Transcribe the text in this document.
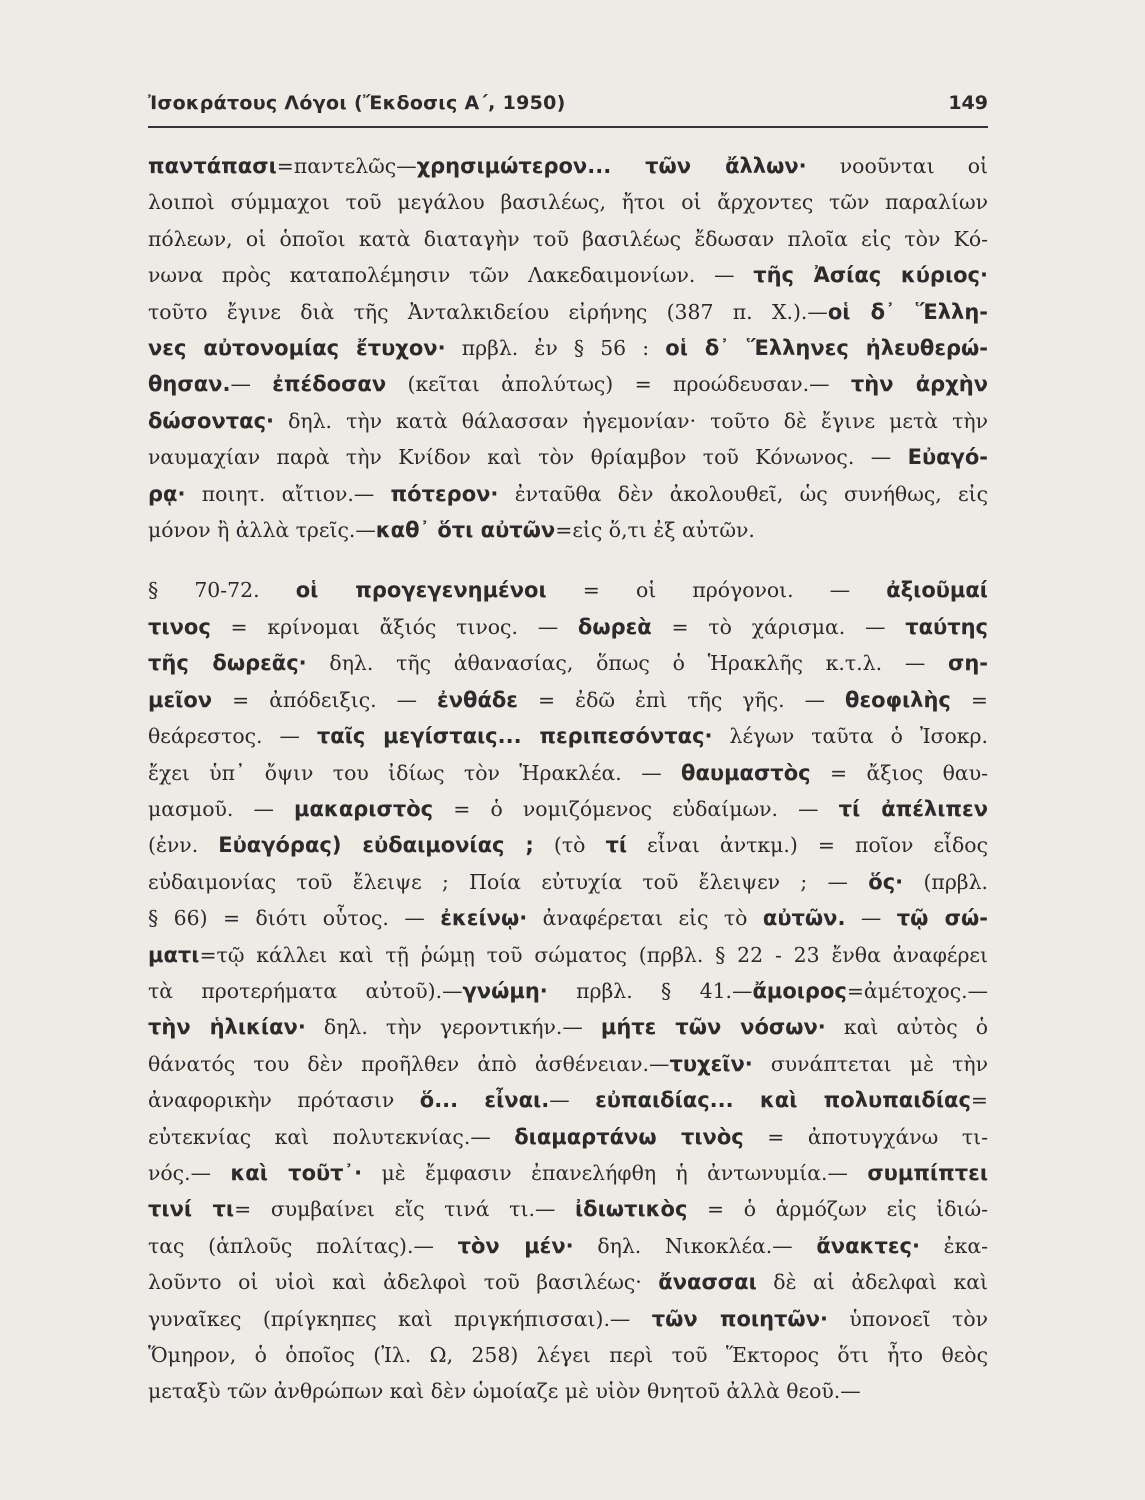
Ἰσοκράτους Λόγοι (Ἔκδοσις Α΄, 1950)	149
παντάπασι=παντελῶς—χρησιμώτερον... τῶν ἄλλων· νοοῦνται οἱ
λοιποὶ σύμμαχοι τοῦ μεγάλου βασιλέως, ἤτοι οἱ ἄρχοντες τῶν παραλίων
πόλεων, οἱ ὁποῖοι κατὰ διαταγὴν τοῦ βασιλέως ἔδωσαν πλοῖα εἰς τὸν Κό-
νωνα πρὸς καταπολέμησιν τῶν Λακεδαιμονίων. — τῆς Ἀσίας κύριος·
τοῦτο ἔγινε διὰ τῆς Ἀνταλκιδείου εἰρήνης (387 π. Χ.).—οἱ δ᾽ Ἕλλη-
νες αὐτονομίας ἔτυχον· πρβλ. ἐν § 56 : οἱ δ᾽ Ἕλληνες ἠλευθερώ-
θησαν.— ἐπέδοσαν (κεῖται ἀπολύτως) = προώδευσαν.— τὴν ἀρχὴν
δώσοντας· δηλ. τὴν κατὰ θάλασσαν ἡγεμονίαν· τοῦτο δὲ ἔγινε μετὰ τὴν
ναυμαχίαν παρὰ τὴν Κνίδον καὶ τὸν θρίαμβον τοῦ Κόνωνος. — Εὐαγό-
ρᾳ· ποιητ. αἴτιον.— πότερον· ἐνταῦθα δὲν ἀκολουθεῖ, ὡς συνήθως, εἰς
μόνον ἢ ἀλλὰ τρεῖς.—καθ᾽ ὅτι αὐτῶν=εἰς ὅ,τι ἐξ αὐτῶν.
§ 70-72. οἱ προγεγενημένοι = οἱ πρόγονοι. — ἀξιοῦμαί
τινος = κρίνομαι ἄξιός τινος. — δωρεὰ = τὸ χάρισμα. — ταύτης
τῆς δωρεᾶς· δηλ. τῆς ἀθανασίας, ὅπως ὁ Ἡρακλῆς κ.τ.λ. — ση-
μεῖον = ἀπόδειξις. — ἐνθάδε = ἐδῶ ἐπὶ τῆς γῆς. — θεοφιλὴς =
θεάρεστος. — ταῖς μεγίσταις... περιπεσόντας· λέγων ταῦτα ὁ Ἰσοκρ.
ἔχει ὑπ᾽ ὄψιν του ἰδίως τὸν Ἡρακλέα. — θαυμαστὸς = ἄξιος θαυ-
μασμοῦ. — μακαριστὸς = ὁ νομιζόμενος εὐδαίμων. — τί ἀπέλιπεν
(ἐνν. Εὐαγόρας) εὐδαιμονίας ; (τὸ τί εἶναι ἀντκμ.) = ποῖον εἶδος
εὐδαιμονίας τοῦ ἔλειψε ; Ποία εὐτυχία τοῦ ἔλειψεν ; — ὅς· (πρβλ.
§ 66) = διότι οὗτος. — ἐκείνῳ· ἀναφέρεται εἰς τὸ αὐτῶν. — τῷ σώ-
ματι=τῷ κάλλει καὶ τῇ ῥώμῃ τοῦ σώματος (πρβλ. § 22 - 23 ἔνθα ἀναφέρει
τὰ προτερήματα αὐτοῦ).—γνώμη· πρβλ. § 41.—ἄμοιρος=ἀμέτοχος.—
τὴν ἡλικίαν· δηλ. τὴν γεροντικήν.— μήτε τῶν νόσων· καὶ αὐτὸς ὁ
θάνατός του δὲν προῆλθεν ἀπὸ ἀσθένειαν.—τυχεῖν· συνάπτεται μὲ τὴν
ἀναφορικὴν πρότασιν ὅ... εἶναι.— εὐπαιδίας... καὶ πολυπαιδίας=
εὐτεκνίας καὶ πολυτεκνίας.— διαμαρτάνω τινὸς = ἀποτυγχάνω τι-
νός.— καὶ τοῦτ᾽· μὲ ἔμφασιν ἐπανελήφθη ἡ ἀντωνυμία.— συμπίπτει
τινί τι= συμβαίνει εἴς τινά τι.— ἰδιωτικὸς = ὁ ἁρμόζων εἰς ἰδιώ-
τας (ἁπλοῦς πολίτας).— τὸν μέν· δηλ. Νικοκλέα.— ἄνακτες· ἐκα-
λοῦντο οἱ υἱοὶ καὶ ἀδελφοὶ τοῦ βασιλέως· ἄνασσαι δὲ αἱ ἀδελφαὶ καὶ
γυναῖκες (πρίγκηπες καὶ πριγκήπισσαι).— τῶν ποιητῶν· ὑπονοεῖ τὸν
Ὅμηρον, ὁ ὁποῖος (Ἰλ. Ω, 258) λέγει περὶ τοῦ Ἕκτορος ὅτι ἦτο θεὸς
μεταξὺ τῶν ἀνθρώπων καὶ δὲν ὡμοίαζε μὲ υἱὸν θνητοῦ ἀλλὰ θεοῦ.—
